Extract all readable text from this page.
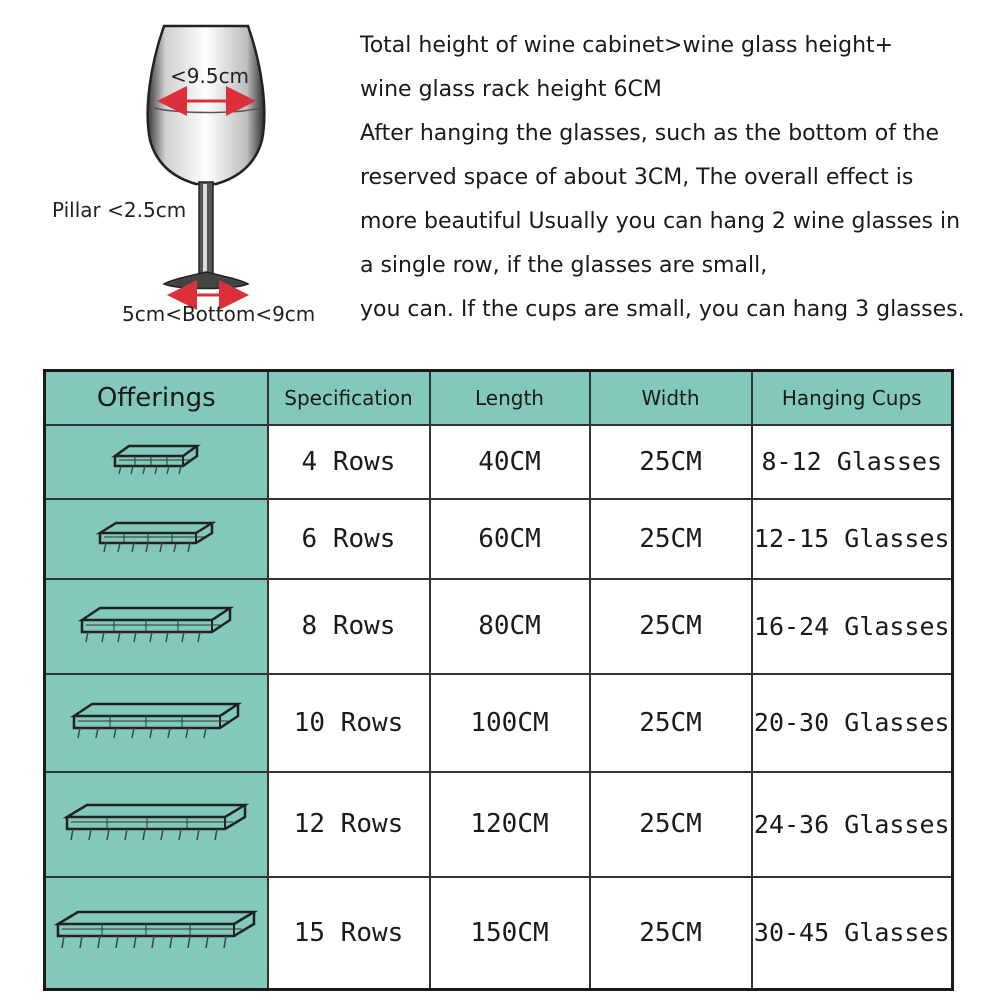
<9.5cm
Pillar <2.5cm
5cm<Bottom<9cm
Total height of wine cabinet>wine glass height+
wine glass rack height 6CM
After hanging the glasses, such as the bottom of the
reserved space of about 3CM, The overall effect is
more beautiful Usually you can hang 2 wine glasses in
a single row, if the glasses are small,
you can. If the cups are small, you can hang 3 glasses.
Offerings	Specification	Length	Width	Hanging Cups

	4 Rows	40CM	25CM	8-12 Glasses

	6 Rows	60CM	25CM	12-15 Glasses

	8 Rows	80CM	25CM	16-24 Glasses

	10 Rows	100CM	25CM	20-30 Glasses

	12 Rows	120CM	25CM	24-36 Glasses

	15 Rows	150CM	25CM	30-45 Glasses
